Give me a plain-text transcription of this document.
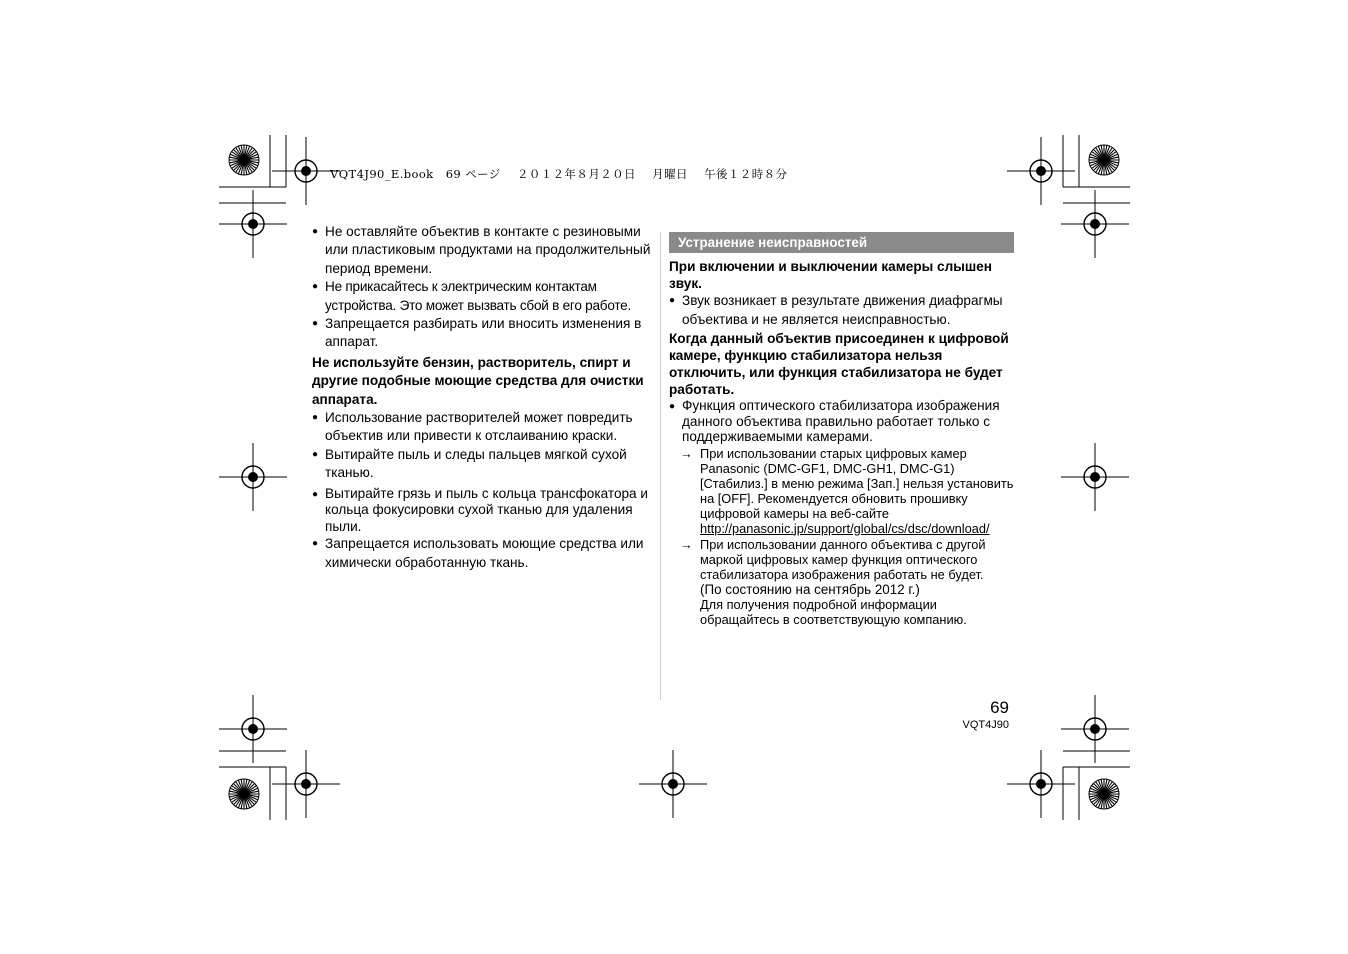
VQT4J90_E.book 69 ページ ２０１２年８月２０日 月曜日 午後１２時８分
● Не оставляйте объектив в контакте с резиновыми или пластиковым продуктами на продолжительный период времени.
● Не прикасайтесь к электрическим контактам устройства. Это может вызвать сбой в его работе.
● Запрещается разбирать или вносить изменения в аппарат.
Не используйте бензин, растворитель, спирт и другие подобные моющие средства для очистки аппарата.
● Использование растворителей может повредить объектив или привести к отслаиванию краски.
● Вытирайте пыль и следы пальцев мягкой сухой тканью.
● Вытирайте грязь и пыль с кольца трансфокатора и кольца фокусировки сухой тканью для удаления пыли.
● Запрещается использовать моющие средства или химически обработанную ткань.
Устранение неисправностей
При включении и выключении камеры слышен звук.
● Звук возникает в результате движения диафрагмы объектива и не является неисправностью.
Когда данный объектив присоединен к цифровой камере, функцию стабилизатора нельзя отключить, или функция стабилизатора не будет работать.
● Функция оптического стабилизатора изображения данного объектива правильно работает только с поддерживаемыми камерами.
→ При использовании старых цифровых камер Panasonic (DMC-GF1, DMC-GH1, DMC-G1) [Стабилиз.] в меню режима [Зап.] нельзя установить на [OFF]. Рекомендуется обновить прошивку цифровой камеры на веб-сайте http://panasonic.jp/support/global/cs/dsc/download/
→ При использовании данного объектива с другой маркой цифровых камер функция оптического стабилизатора изображения работать не будет.
(По состоянию на сентябрь 2012 г.)
Для получения подробной информации обращайтесь в соответствующую компанию.
69
VQT4J90
